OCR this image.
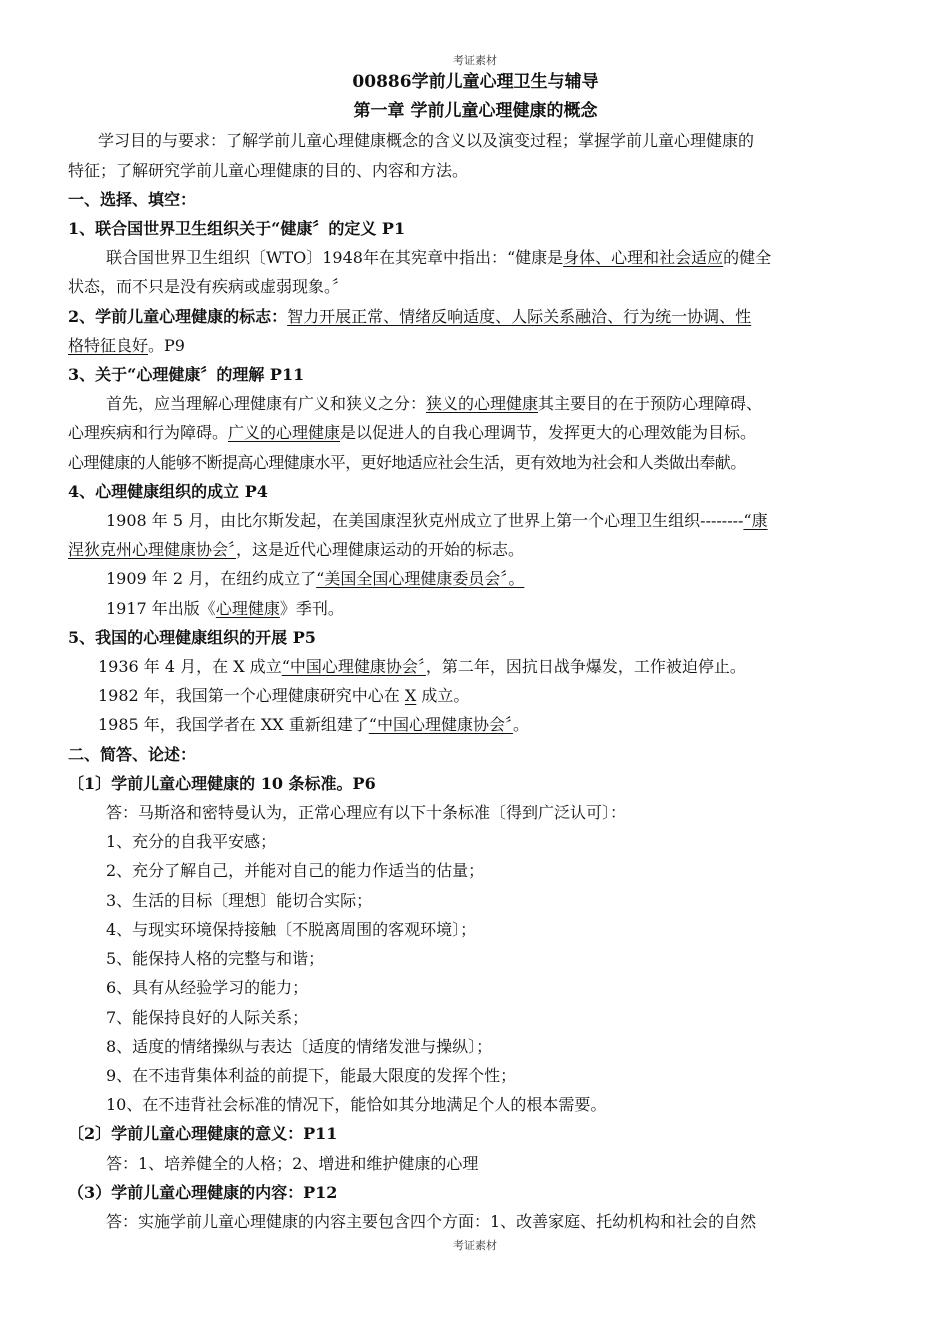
考证素材
00886学前儿童心理卫生与辅导
第一章 学前儿童心理健康的概念
学习目的与要求：了解学前儿童心理健康概念的含义以及演变过程；掌握学前儿童心理健康的
特征；了解研究学前儿童心理健康的目的、内容和方法。
一、选择、填空：
1、联合国世界卫生组织关于“健康〞的定义 P1
联合国世界卫生组织〔WTO〕1948年在其宪章中指出：“健康是身体、心理和社会适应的健全
状态，而不只是没有疾病或虚弱现象。〞
2、学前儿童心理健康的标志：智力开展正常、情绪反响适度、人际关系融洽、行为统一协调、性
格特征良好。P9
3、关于“心理健康〞的理解 P11
首先，应当理解心理健康有广义和狭义之分：狭义的心理健康其主要目的在于预防心理障碍、
心理疾病和行为障碍。广义的心理健康是以促进人的自我心理调节，发挥更大的心理效能为目标。
心理健康的人能够不断提高心理健康水平，更好地适应社会生活，更有效地为社会和人类做出奉献。
4、心理健康组织的成立 P4
1908 年 5 月，由比尔斯发起，在美国康涅狄克州成立了世界上第一个心理卫生组织--------“康
涅狄克州心理健康协会〞，这是近代心理健康运动的开始的标志。
1909 年 2 月，在纽约成立了“美国全国心理健康委员会〞。
1917 年出版《心理健康》季刊。
5、我国的心理健康组织的开展 P5
1936 年 4 月，在 X 成立“中国心理健康协会〞，第二年，因抗日战争爆发，工作被迫停止。
1982 年，我国第一个心理健康研究中心在 X 成立。
1985 年，我国学者在 XX 重新组建了“中国心理健康协会〞。
二、简答、论述：
〔1〕学前儿童心理健康的 10 条标准。P6
答：马斯洛和密特曼认为，正常心理应有以下十条标准〔得到广泛认可〕：
1、充分的自我平安感；
2、充分了解自己，并能对自己的能力作适当的估量；
3、生活的目标〔理想〕能切合实际；
4、与现实环境保持接触〔不脱离周围的客观环境〕；
5、能保持人格的完整与和谐；
6、具有从经验学习的能力；
7、能保持良好的人际关系；
8、适度的情绪操纵与表达〔适度的情绪发泄与操纵〕；
9、在不违背集体利益的前提下，能最大限度的发挥个性；
10、在不违背社会标准的情况下，能恰如其分地满足个人的根本需要。
〔2〕学前儿童心理健康的意义：P11
答：1、培养健全的人格；2、增进和维护健康的心理
（3）学前儿童心理健康的内容：P12
答：实施学前儿童心理健康的内容主要包含四个方面：1、改善家庭、托幼机构和社会的自然
考证素材
